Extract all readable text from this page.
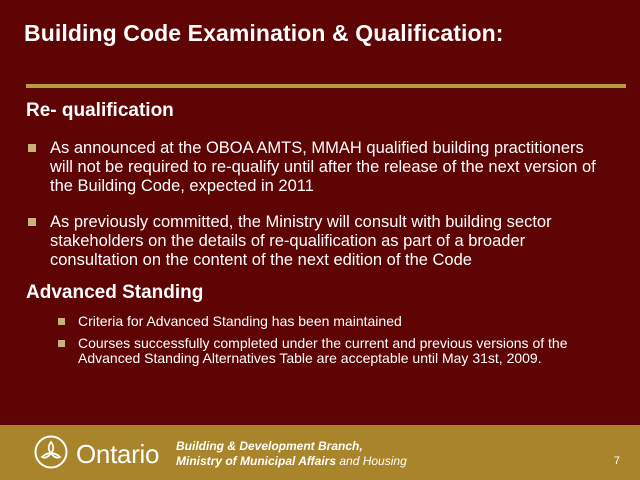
Building Code Examination & Qualification:
Re- qualification
As announced at the OBOA AMTS, MMAH qualified building practitioners will not be required to re-qualify until after the release of the next version of the Building Code, expected in 2011
As previously committed, the Ministry will consult with building sector stakeholders on the details of re-qualification as part of a broader consultation on the content of the next edition of the Code
Advanced Standing
Criteria for Advanced Standing has been maintained
Courses successfully completed under the current and previous versions of the Advanced Standing Alternatives Table are acceptable until May 31st, 2009.
Ontario Building & Development Branch,
Ministry of Municipal Affairs and Housing	7
